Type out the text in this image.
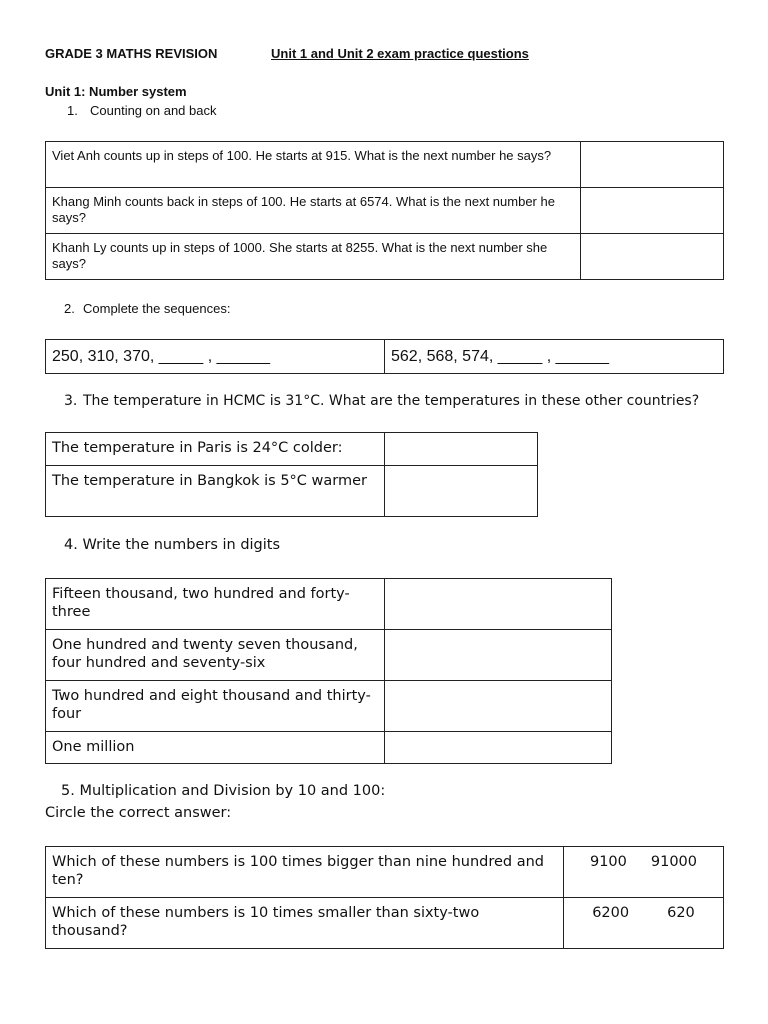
GRADE 3 MATHS REVISION	Unit 1 and Unit 2 exam practice questions
Unit 1: Number system
1. Counting on and back
Viet Anh counts up in steps of 100. He starts at 915. What is the next number he says?	

Khang Minh counts back in steps of 100. He starts at 6574. What is the next number he says?	

Khanh Ly counts up in steps of 1000. She starts at 8255. What is the next number she says?	

2. Complete the sequences:
250, 310, 370, _____ , ______	562, 568, 574, _____ , ______
3. The temperature in HCMC is 31°C. What are the temperatures in these other countries?
The temperature in Paris is 24°C colder:	

The temperature in Bangkok is 5°C warmer	

4. Write the numbers in digits
Fifteen thousand, two hundred and forty-three	

One hundred and twenty seven thousand, four hundred and seventy-six	

Two hundred and eight thousand and thirty-four	

One million	

5. Multiplication and Division by 10 and 100:
Circle the correct answer:
Which of these numbers is 100 times bigger than nine hundred and ten?	9100 91000

Which of these numbers is 10 times smaller than sixty-two thousand?	6200 620
